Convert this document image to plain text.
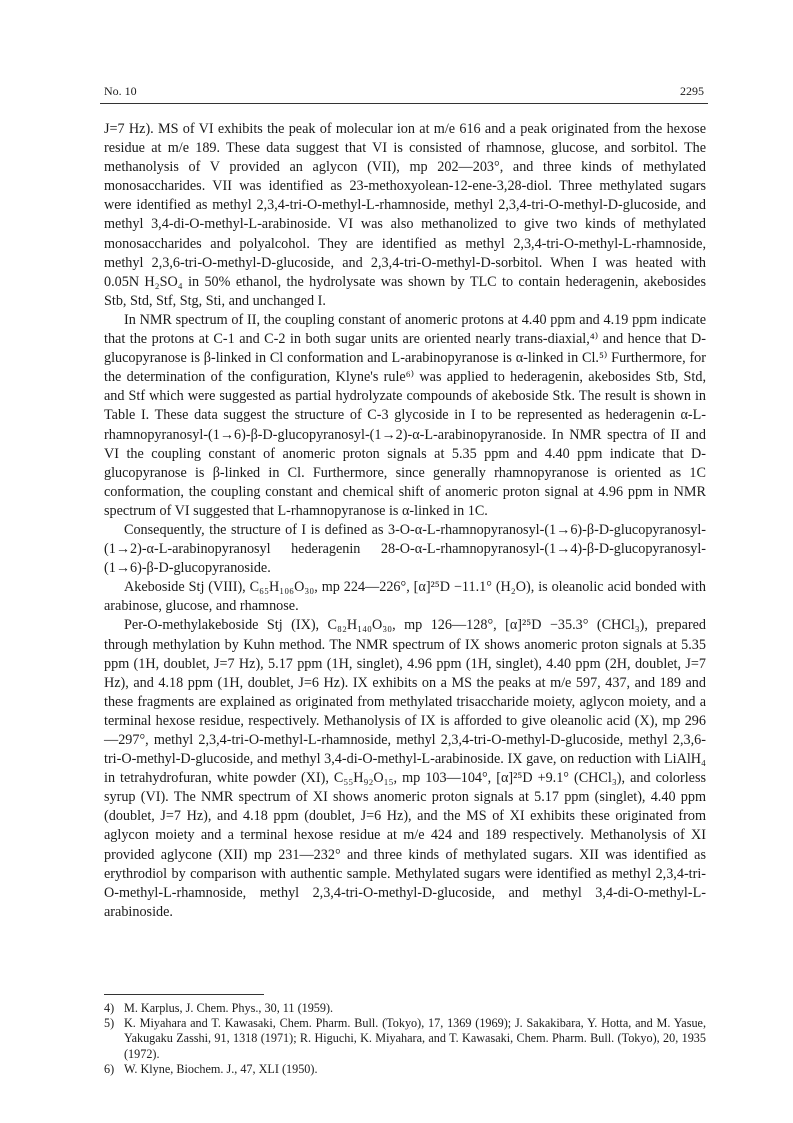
No. 10	2295

J=7 Hz). MS of VI exhibits the peak of molecular ion at m/e 616 and a peak originated from the hexose residue at m/e 189. These data suggest that VI is consisted of rhamnose, glucose, and sorbitol. The methanolysis of V provided an aglycon (VII), mp 202—203°, and three kinds of methylated monosaccharides. VII was identified as 23-methoxyolean-12-ene-3,28-diol. Three methylated sugars were identified as methyl 2,3,4-tri-O-methyl-L-rhamnoside, methyl 2,3,4-tri-O-methyl-D-glucoside, and methyl 3,4-di-O-methyl-L-arabinoside. VI was also methanolized to give two kinds of methylated monosaccharides and polyalcohol. They are identified as methyl 2,3,4-tri-O-methyl-L-rhamnoside, methyl 2,3,6-tri-O-methyl-D-glucoside, and 2,3,4-tri-O-methyl-D-sorbitol. When I was heated with 0.05N H₂SO₄ in 50% ethanol, the hydrolysate was shown by TLC to contain hederagenin, akebosides Stb, Std, Stf, Stg, Sti, and unchanged I.

In NMR spectrum of II, the coupling constant of anomeric protons at 4.40 ppm and 4.19 ppm indicate that the protons at C-1 and C-2 in both sugar units are oriented nearly trans-diaxial,⁴⁾ and hence that D-glucopyranose is β-linked in Cl conformation and L-arabinopyranose is α-linked in Cl.⁵⁾ Furthermore, for the determination of the configuration, Klyne's rule⁶⁾ was applied to hederagenin, akebosides Stb, Std, and Stf which were suggested as partial hydrolyzate compounds of akeboside Stk. The result is shown in Table I. These data suggest the structure of C-3 glycoside in I to be represented as hederagenin α-L-rhamnopyranosyl-(1→6)-β-D-glucopyranosyl-(1→2)-α-L-arabinopyranoside. In NMR spectra of II and VI the coupling constant of anomeric proton signals at 5.35 ppm and 4.40 ppm indicate that D-glucopyranose is β-linked in Cl. Furthermore, since generally rhamnopyranose is oriented as 1C conformation, the coupling constant and chemical shift of anomeric proton signal at 4.96 ppm in NMR spectrum of VI suggested that L-rhamnopyranose is α-linked in 1C.

Consequently, the structure of I is defined as 3-O-α-L-rhamnopyranosyl-(1→6)-β-D-glucopyranosyl-(1→2)-α-L-arabinopyranosyl hederagenin 28-O-α-L-rhamnopyranosyl-(1→4)-β-D-glucopyranosyl-(1→6)-β-D-glucopyranoside.

Akeboside Stj (VIII), C₆₅H₁₀₆O₃₀, mp 224—226°, [α]²⁵D −11.1° (H₂O), is oleanolic acid bonded with arabinose, glucose, and rhamnose.

Per-O-methylakeboside Stj (IX), C₈₂H₁₄₀O₃₀, mp 126—128°, [α]²⁵D −35.3° (CHCl₃), prepared through methylation by Kuhn method. The NMR spectrum of IX shows anomeric proton signals at 5.35 ppm (1H, doublet, J=7 Hz), 5.17 ppm (1H, singlet), 4.96 ppm (1H, singlet), 4.40 ppm (2H, doublet, J=7 Hz), and 4.18 ppm (1H, doublet, J=6 Hz). IX exhibits on a MS the peaks at m/e 597, 437, and 189 and these fragments are explained as originated from methylated trisaccharide moiety, aglycon moiety, and a terminal hexose residue, respectively. Methanolysis of IX is afforded to give oleanolic acid (X), mp 296—297°, methyl 2,3,4-tri-O-methyl-L-rhamnoside, methyl 2,3,4-tri-O-methyl-D-glucoside, methyl 2,3,6-tri-O-methyl-D-glucoside, and methyl 3,4-di-O-methyl-L-arabinoside. IX gave, on reduction with LiAlH₄ in tetrahydrofuran, white powder (XI), C₅₅H₉₂O₁₅, mp 103—104°, [α]²⁵D +9.1° (CHCl₃), and colorless syrup (VI). The NMR spectrum of XI shows anomeric proton signals at 5.17 ppm (singlet), 4.40 ppm (doublet, J=7 Hz), and 4.18 ppm (doublet, J=6 Hz), and the MS of XI exhibits these originated from aglycon moiety and a terminal hexose residue at m/e 424 and 189 respectively. Methanolysis of XI provided aglycone (XII) mp 231—232° and three kinds of methylated sugars. XII was identified as erythrodiol by comparison with authentic sample. Methylated sugars were identified as methyl 2,3,4-tri-O-methyl-L-rhamnoside, methyl 2,3,4-tri-O-methyl-D-glucoside, and methyl 3,4-di-O-methyl-L-arabinoside.

4) M. Karplus, J. Chem. Phys., 30, 11 (1959).
5) K. Miyahara and T. Kawasaki, Chem. Pharm. Bull. (Tokyo), 17, 1369 (1969); J. Sakakibara, Y. Hotta, and M. Yasue, Yakugaku Zasshi, 91, 1318 (1971); R. Higuchi, K. Miyahara, and T. Kawasaki, Chem. Pharm. Bull. (Tokyo), 20, 1935 (1972).
6) W. Klyne, Biochem. J., 47, XLI (1950).
